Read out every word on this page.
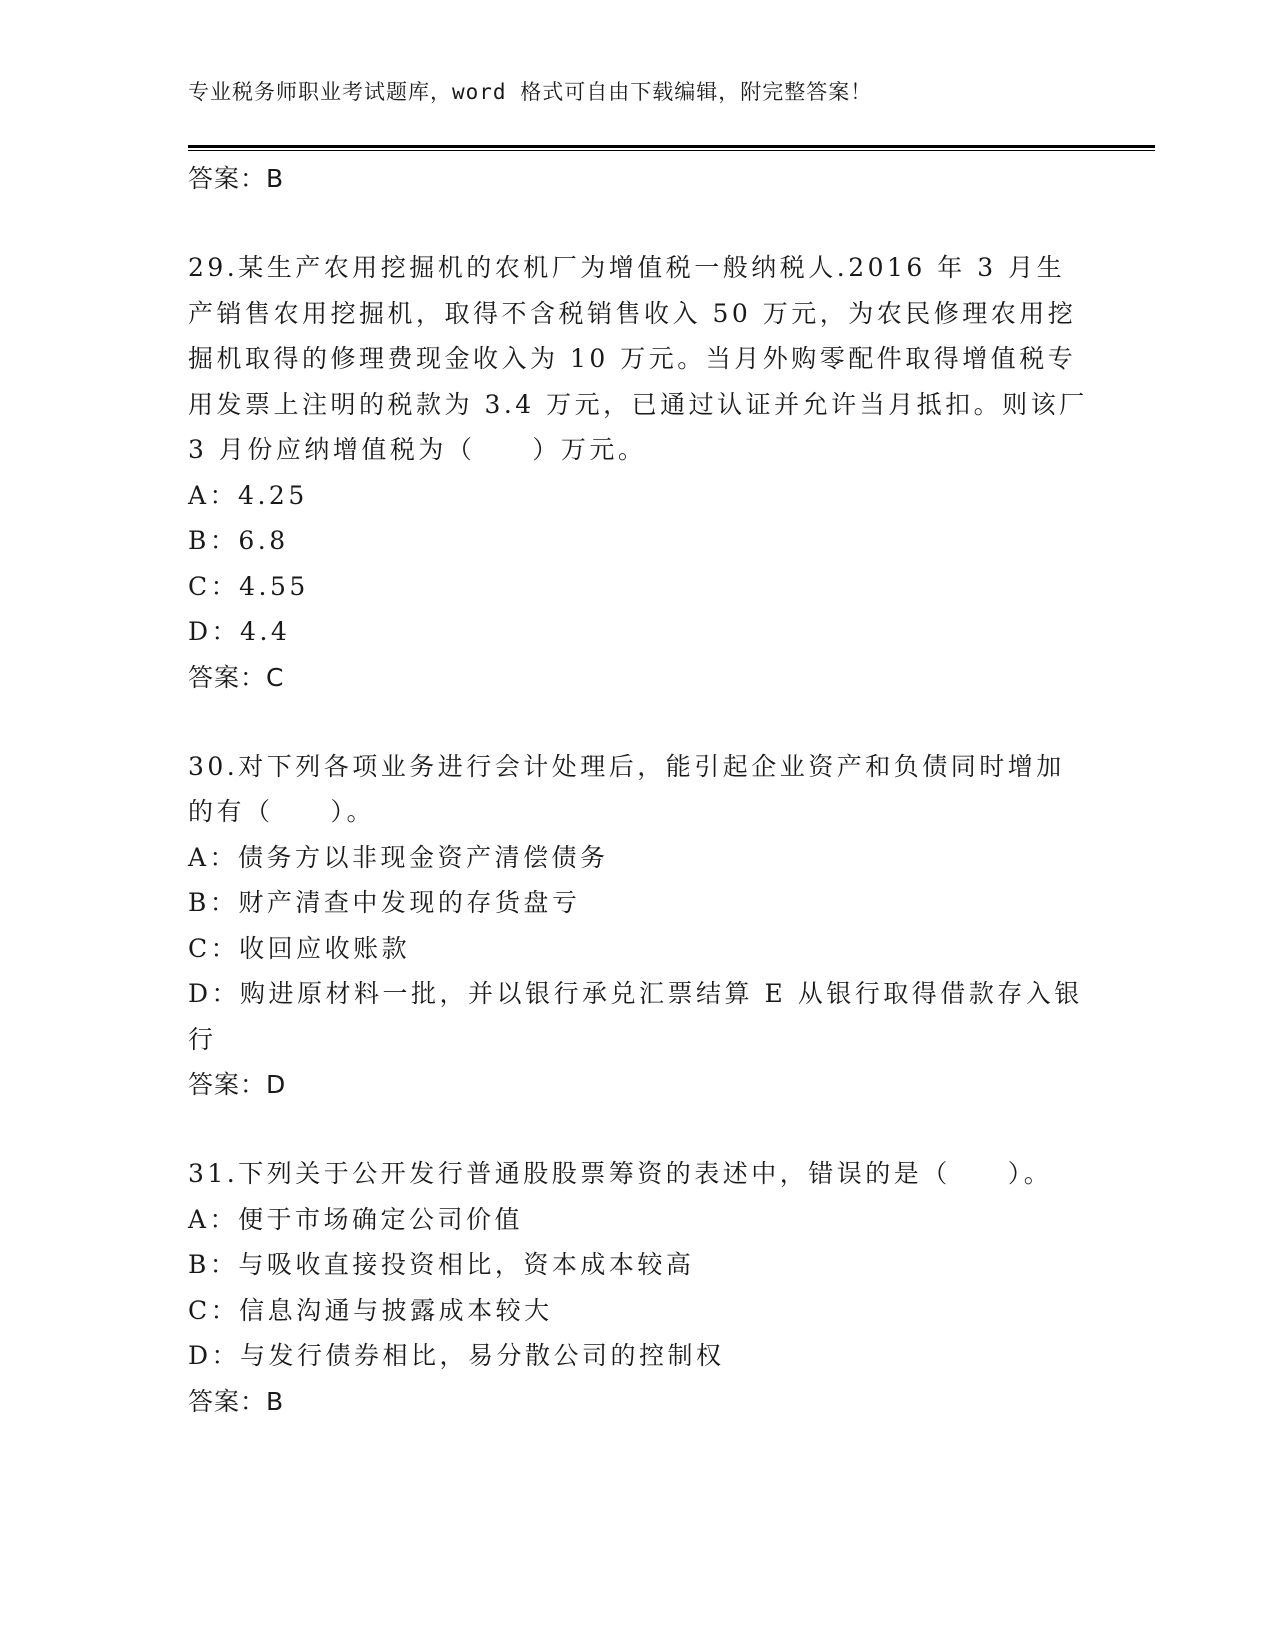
专业税务师职业考试题库，word 格式可自由下载编辑，附完整答案！
答案：B
29.某生产农用挖掘机的农机厂为增值税一般纳税人.2016 年 3 月生产销售农用挖掘机，取得不含税销售收入 50 万元，为农民修理农用挖掘机取得的修理费现金收入为 10 万元。当月外购零配件取得增值税专用发票上注明的税款为 3.4 万元，已通过认证并允许当月抵扣。则该厂 3 月份应纳增值税为（　　）万元。
A：4.25
B：6.8
C：4.55
D：4.4
答案：C
30.对下列各项业务进行会计处理后，能引起企业资产和负债同时增加的有（　　）。
A：债务方以非现金资产清偿债务
B：财产清查中发现的存货盘亏
C：收回应收账款
D：购进原材料一批，并以银行承兑汇票结算 E 从银行取得借款存入银行
答案：D
31.下列关于公开发行普通股股票筹资的表述中，错误的是（　　）。
A：便于市场确定公司价值
B：与吸收直接投资相比，资本成本较高
C：信息沟通与披露成本较大
D：与发行债券相比，易分散公司的控制权
答案：B
